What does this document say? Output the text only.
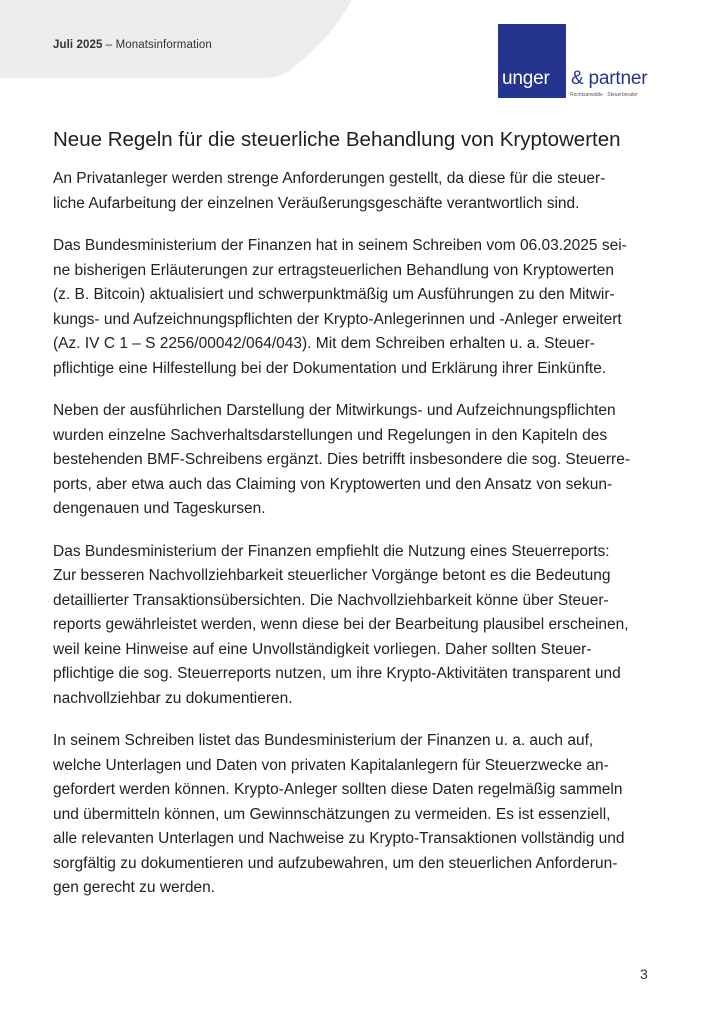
Juli 2025 – Monatsinformation
unger & partner
Rechtsanwälte · Steuerberater
Neue Regeln für die steuerliche Behandlung von Kryptowerten
An Privatanleger werden strenge Anforderungen gestellt, da diese für die steuer-
liche Aufarbeitung der einzelnen Veräußerungsgeschäfte verantwortlich sind.
Das Bundesministerium der Finanzen hat in seinem Schreiben vom 06.03.2025 sei-
ne bisherigen Erläuterungen zur ertragsteuerlichen Behandlung von Kryptowerten
(z. B. Bitcoin) aktualisiert und schwerpunktmäßig um Ausführungen zu den Mitwir-
kungs- und Aufzeichnungspflichten der Krypto-Anlegerinnen und -Anleger erweitert
(Az. IV C 1 – S 2256/00042/064/043). Mit dem Schreiben erhalten u. a. Steuer-
pflichtige eine Hilfestellung bei der Dokumentation und Erklärung ihrer Einkünfte.
Neben der ausführlichen Darstellung der Mitwirkungs- und Aufzeichnungspflichten
wurden einzelne Sachverhaltsdarstellungen und Regelungen in den Kapiteln des
bestehenden BMF-Schreibens ergänzt. Dies betrifft insbesondere die sog. Steuerre-
ports, aber etwa auch das Claiming von Kryptowerten und den Ansatz von sekun-
dengenauen und Tageskursen.
Das Bundesministerium der Finanzen empfiehlt die Nutzung eines Steuerreports:
Zur besseren Nachvollziehbarkeit steuerlicher Vorgänge betont es die Bedeutung
detaillierter Transaktionsübersichten. Die Nachvollziehbarkeit könne über Steuer-
reports gewährleistet werden, wenn diese bei der Bearbeitung plausibel erscheinen,
weil keine Hinweise auf eine Unvollständigkeit vorliegen. Daher sollten Steuer-
pflichtige die sog. Steuerreports nutzen, um ihre Krypto-Aktivitäten transparent und
nachvollziehbar zu dokumentieren.
In seinem Schreiben listet das Bundesministerium der Finanzen u. a. auch auf,
welche Unterlagen und Daten von privaten Kapitalanlegern für Steuerzwecke an-
gefordert werden können. Krypto-Anleger sollten diese Daten regelmäßig sammeln
und übermitteln können, um Gewinnschätzungen zu vermeiden. Es ist essenziell,
alle relevanten Unterlagen und Nachweise zu Krypto-Transaktionen vollständig und
sorgfältig zu dokumentieren und aufzubewahren, um den steuerlichen Anforderun-
gen gerecht zu werden.
3
